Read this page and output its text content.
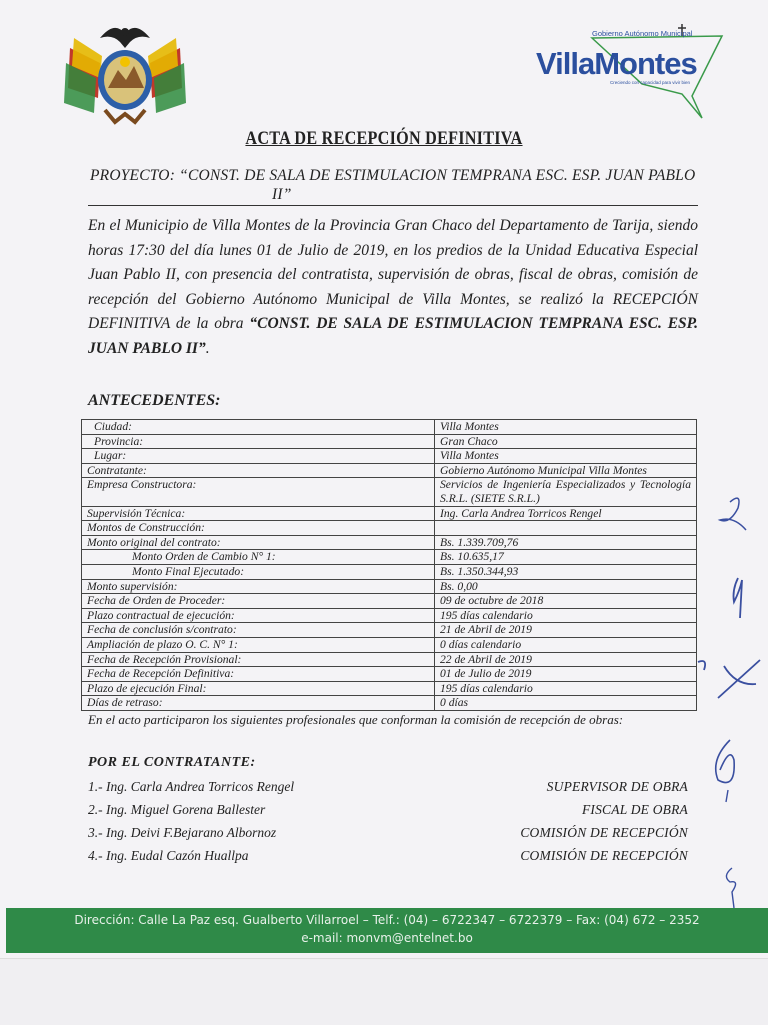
Gobierno Autónomo Municipal
VillaMontes
Creciendo con capacidad para vivir bien
ACTA DE RECEPCIÓN DEFINITIVA
PROYECTO: “CONST. DE SALA DE ESTIMULACION TEMPRANA ESC. ESP. JUAN PABLO
II”
En el Municipio de Villa Montes de la Provincia Gran Chaco del Departamento de Tarija, siendo horas 17:30 del día lunes 01 de Julio de 2019, en los predios de la Unidad Educativa Especial Juan Pablo II, con presencia del contratista, supervisión de obras, fiscal de obras, comisión de recepción del Gobierno Autónomo Municipal de Villa Montes, se realizó la RECEPCIÓN DEFINITIVA de la obra “CONST. DE SALA DE ESTIMULACION TEMPRANA ESC. ESP. JUAN PABLO II”.
ANTECEDENTES:
Ciudad:	Villa Montes
Provincia:	Gran Chaco
Lugar:	Villa Montes
Contratante:	Gobierno Autónomo Municipal Villa Montes
Empresa Constructora:	Servicios de Ingeniería Especializados y Tecnología S.R.L. (SIETE S.R.L.)
Supervisión Técnica:	Ing. Carla Andrea Torricos Rengel
Montos de Construcción:	
Monto original del contrato:	Bs. 1.339.709,76
Monto Orden de Cambio N° 1:	Bs. 10.635,17
Monto Final Ejecutado:	Bs. 1.350.344,93
Monto supervisión:	Bs. 0,00
Fecha de Orden de Proceder:	09 de octubre de 2018
Plazo contractual de ejecución:	195 días calendario
Fecha de conclusión s/contrato:	21 de Abril de 2019
Ampliación de plazo O. C. N° 1:	0 días calendario
Fecha de Recepción Provisional:	22 de Abril de 2019
Fecha de Recepción Definitiva:	01 de Julio de 2019
Plazo de ejecución Final:	195 días calendario
Días de retraso:	0 días
En el acto participaron los siguientes profesionales que conforman la comisión de recepción de obras:
POR EL CONTRATANTE:
1.- Ing. Carla Andrea Torricos Rengel	SUPERVISOR DE OBRA
2.- Ing. Miguel Gorena Ballester	FISCAL DE OBRA
3.- Ing. Deivi F.Bejarano Albornoz	COMISIÓN DE RECEPCIÓN
4.- Ing. Eudal Cazón Huallpa	COMISIÓN DE RECEPCIÓN
Dirección: Calle La Paz esq. Gualberto Villarroel – Telf.: (04) – 6722347 – 6722379 – Fax: (04) 672 – 2352
e-mail: monvm@entelnet.bo
